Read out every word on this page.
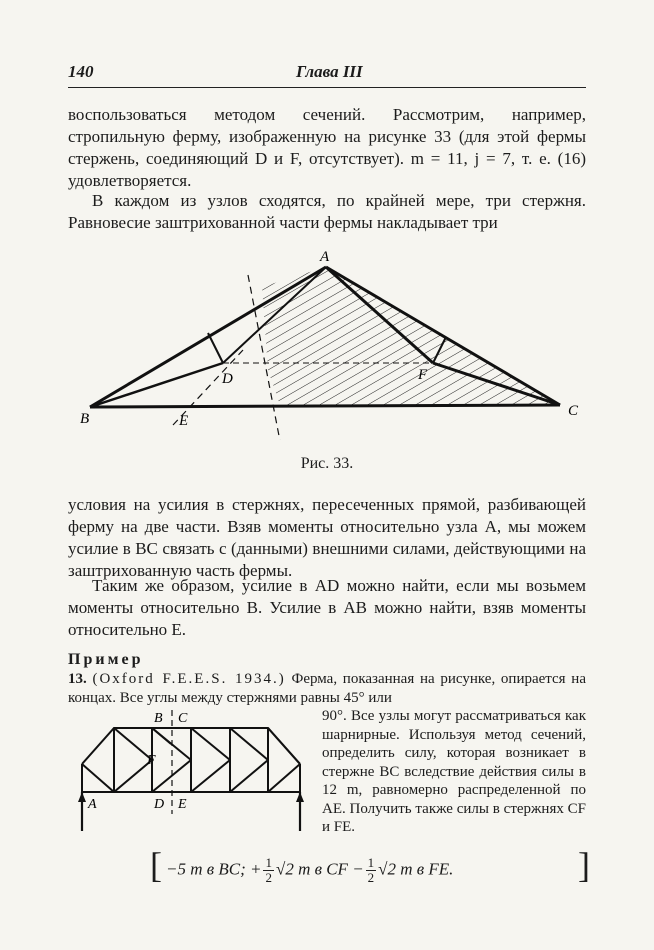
140	Глава III

воспользоваться методом сечений. Рассмотрим, например, стропильную ферму, изображенную на рисунке 33 (для этой фермы стержень, соединяющий D и F, отсутствует). m = 11, j = 7, т. е. (16) удовлетворяется.

В каждом из узлов сходятся, по крайней мере, три стержня. Равновесие заштрихованной части фермы накладывает три

A
B	C
D
E
F
Рис. 33.

условия на усилия в стержнях, пересеченных прямой, разбивающей ферму на две части. Взяв моменты относительно узла A, мы можем усилие в BC связать с (данными) внешними силами, действующими на заштрихованную часть фермы.

Таким же образом, усилие в AD можно найти, если мы возьмем моменты относительно B. Усилие в AB можно найти, взяв моменты относительно E.

Пример

13. (Oxford F.E.E.S. 1934.) Ферма, показанная на рисунке, опирается на концах. Все углы между стержнями равны 45° или

B C
F
A	D E

90°. Все узлы могут рассматриваться как шарнирные. Используя метод сечений, определить силу, которая возникает в стержне BC вследствие действия силы в 12 m, равномерно распределенной по AE. Получить также силы в стержнях CF и FE.

[ −5 m в BC; + $\frac{1}{2} √2$ m в CF − $\frac{1}{2} √2$ m в FE.	]
